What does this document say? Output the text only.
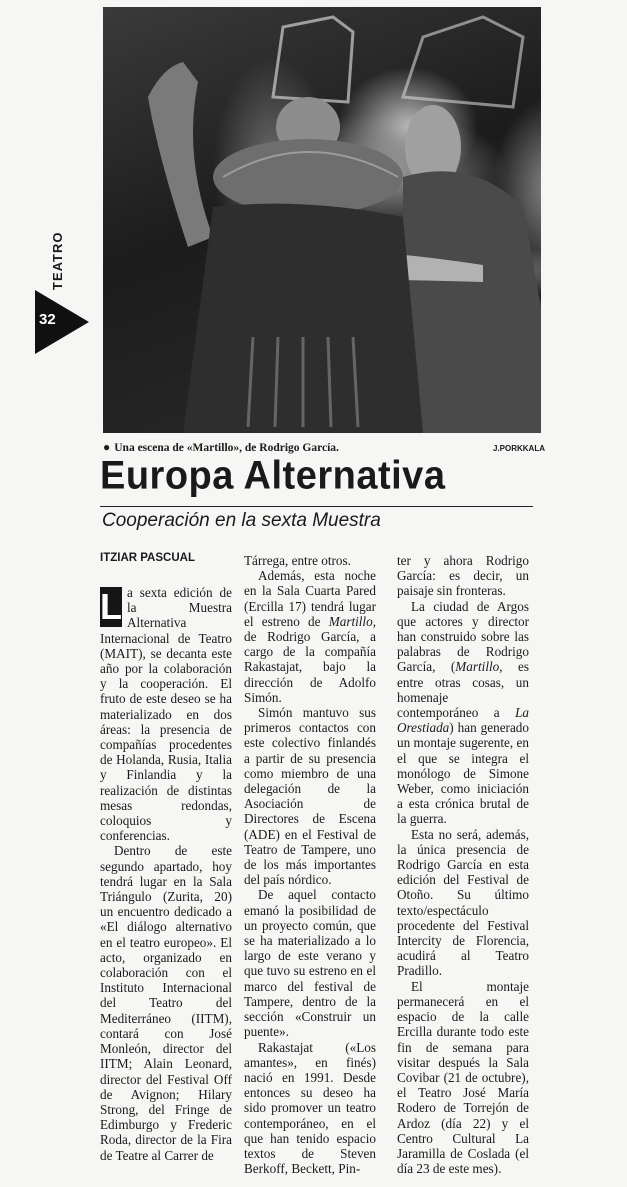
TEATRO
32
● Una escena de «Martillo», de Rodrigo García.	J.PORKKALA
Europa Alternativa
Cooperación en la sexta Muestra
ITZIAR PASCUAL

L a sexta edición de la Muestra Alternativa Internacional de Teatro (MAIT), se decanta este año por la colaboración y la cooperación. El fruto de este deseo se ha materializado en dos áreas: la presencia de compañías procedentes de Holanda, Rusia, Italia y Finlandia y la realización de distintas mesas redondas, coloquios y conferencias.

Dentro de este segundo apartado, hoy tendrá lugar en la Sala Triángulo (Zurita, 20) un encuentro dedicado a «El diálogo alternativo en el teatro europeo». El acto, organizado en colaboración con el Instituto Internacional del Teatro del Mediterráneo (IITM), contará con José Monleón, director del IITM; Alain Leonard, director del Festival Off de Avignon; Hilary Strong, del Fringe de Edimburgo y Frederic Roda, director de la Fira de Teatre al Carrer de

Tárrega, entre otros.

Además, esta noche en la Sala Cuarta Pared (Ercilla 17) tendrá lugar el estreno de Martillo, de Rodrigo García, a cargo de la compañía Rakastajat, bajo la dirección de Adolfo Simón.

Simón mantuvo sus primeros contactos con este colectivo finlandés a partir de su presencia como miembro de una delegación de la Asociación de Directores de Escena (ADE) en el Festival de Teatro de Tampere, uno de los más importantes del país nórdico.

De aquel contacto emanó la posibilidad de un proyecto común, que se ha materializado a lo largo de este verano y que tuvo su estreno en el marco del festival de Tampere, dentro de la sección «Construir un puente».

Rakastajat («Los amantes», en finés) nació en 1991. Desde entonces su deseo ha sido promover un teatro contemporáneo, en el que han tenido espacio textos de Steven Berkoff, Beckett, Pin-

ter y ahora Rodrigo García: es decir, un paisaje sin fronteras.

La ciudad de Argos que actores y director han construido sobre las palabras de Rodrigo García, (Martillo, es entre otras cosas, un homenaje contemporáneo a La Orestiada) han generado un montaje sugerente, en el que se integra el monólogo de Simone Weber, como iniciación a esta crónica brutal de la guerra.

Esta no será, además, la única presencia de Rodrigo García en esta edición del Festival de Otoño. Su último texto/espectáculo procedente del Festival Intercity de Florencia, acudirá al Teatro Pradillo.

El montaje permanecerá en el espacio de la calle Ercilla durante todo este fin de semana para visitar después la Sala Covibar (21 de octubre), el Teatro José María Rodero de Torrejón de Ardoz (día 22) y el Centro Cultural La Jaramilla de Coslada (el día 23 de este mes).
